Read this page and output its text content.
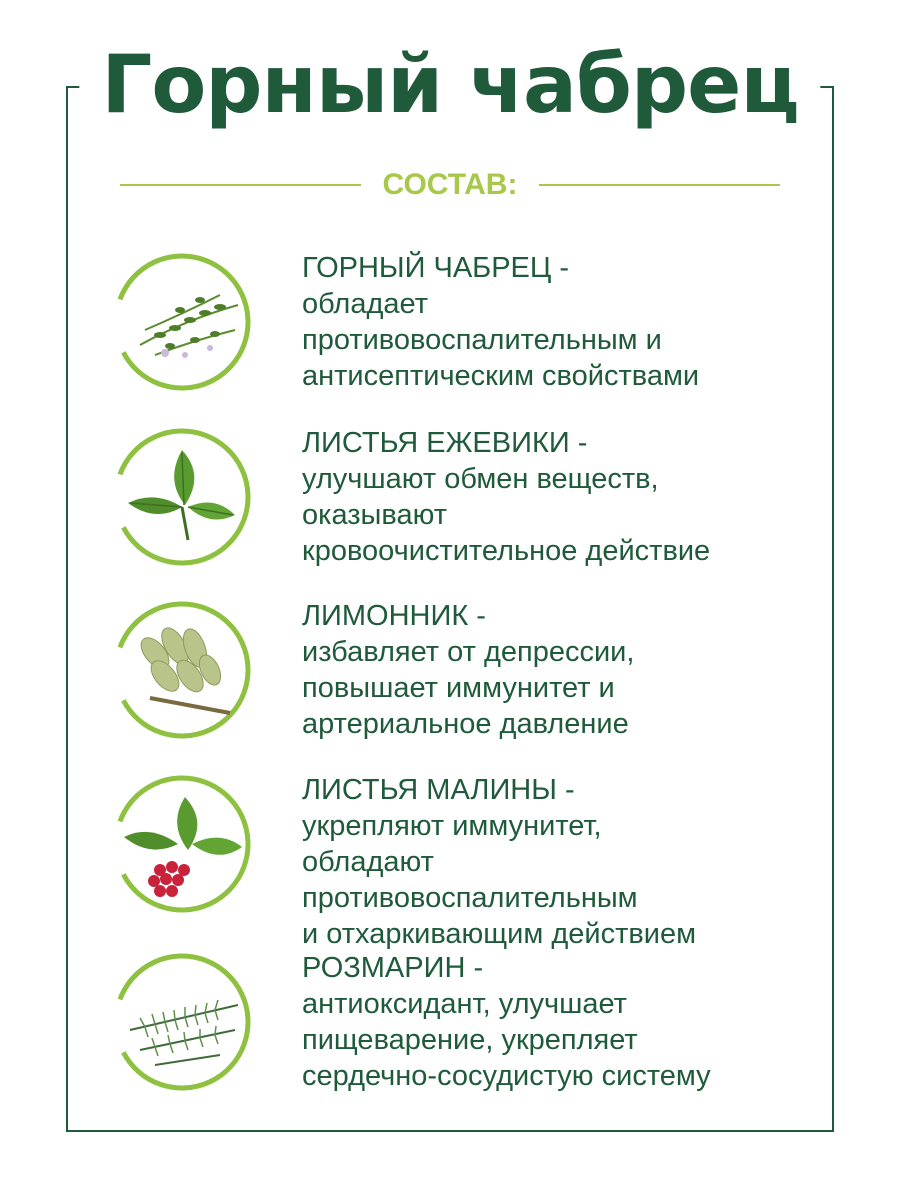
Горный чабрец
СОСТАВ:
ГОРНЫЙ ЧАБРЕЦ -
обладает
противовоспалительным и
антисептическим свойствами
ЛИСТЬЯ ЕЖЕВИКИ -
улучшают обмен веществ,
оказывают
кровоочистительное действие
ЛИМОННИК -
избавляет от депрессии,
повышает иммунитет и
артериальное давление
ЛИСТЬЯ МАЛИНЫ -
укрепляют иммунитет,
обладают
противовоспалительным
и отхаркивающим действием
РОЗМАРИН -
антиоксидант, улучшает
пищеварение, укрепляет
сердечно-сосудистую систему
